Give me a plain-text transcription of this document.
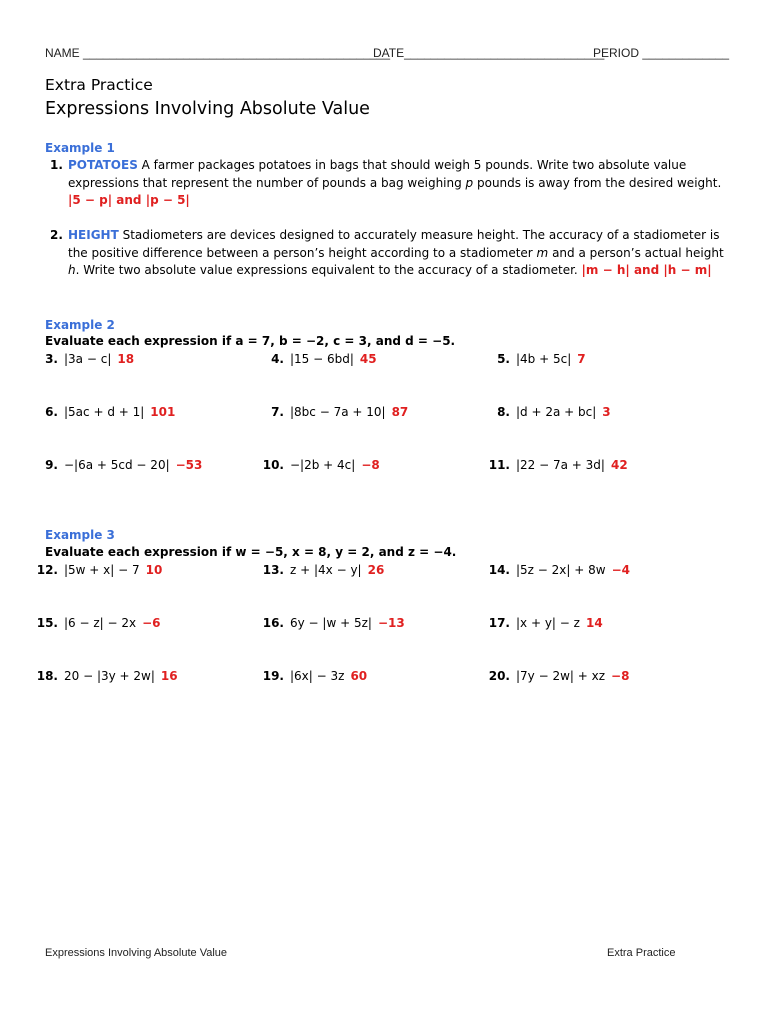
NAME ______________________________________________
DATE______________________________
PERIOD _____________
Extra Practice
Expressions Involving Absolute Value
Example 1
1. POTATOES A farmer packages potatoes in bags that should weigh 5 pounds. Write two absolute value expressions that represent the number of pounds a bag weighing p pounds is away from the desired weight. |5 − p| and |p − 5|
2. HEIGHT Stadiometers are devices designed to accurately measure height. The accuracy of a stadiometer is the positive difference between a person’s height according to a stadiometer m and a person’s actual height h. Write two absolute value expressions equivalent to the accuracy of a stadiometer. |m − h| and |h − m|
Example 2
Evaluate each expression if a = 7, b = −2, c = 3, and d = −5.
3. |3a − c| 18	4. |15 − 6bd| 45	5. |4b + 5c| 7
6. |5ac + d + 1| 101	7. |8bc − 7a + 10| 87	8. |d + 2a + bc| 3
9. −|6a + 5cd − 20| −53	10. −|2b + 4c| −8	11. |22 − 7a + 3d| 42
Example 3
Evaluate each expression if w = −5, x = 8, y = 2, and z = −4.
12. |5w + x| − 7 10	13. z + |4x − y| 26	14. |5z − 2x| + 8w −4
15. |6 − z| − 2x −6	16. 6y − |w + 5z| −13	17. |x + y| − z 14
18. 20 − |3y + 2w| 16	19. |6x| − 3z 60	20. |7y − 2w| + xz −8
Expressions Involving Absolute Value	Extra Practice
